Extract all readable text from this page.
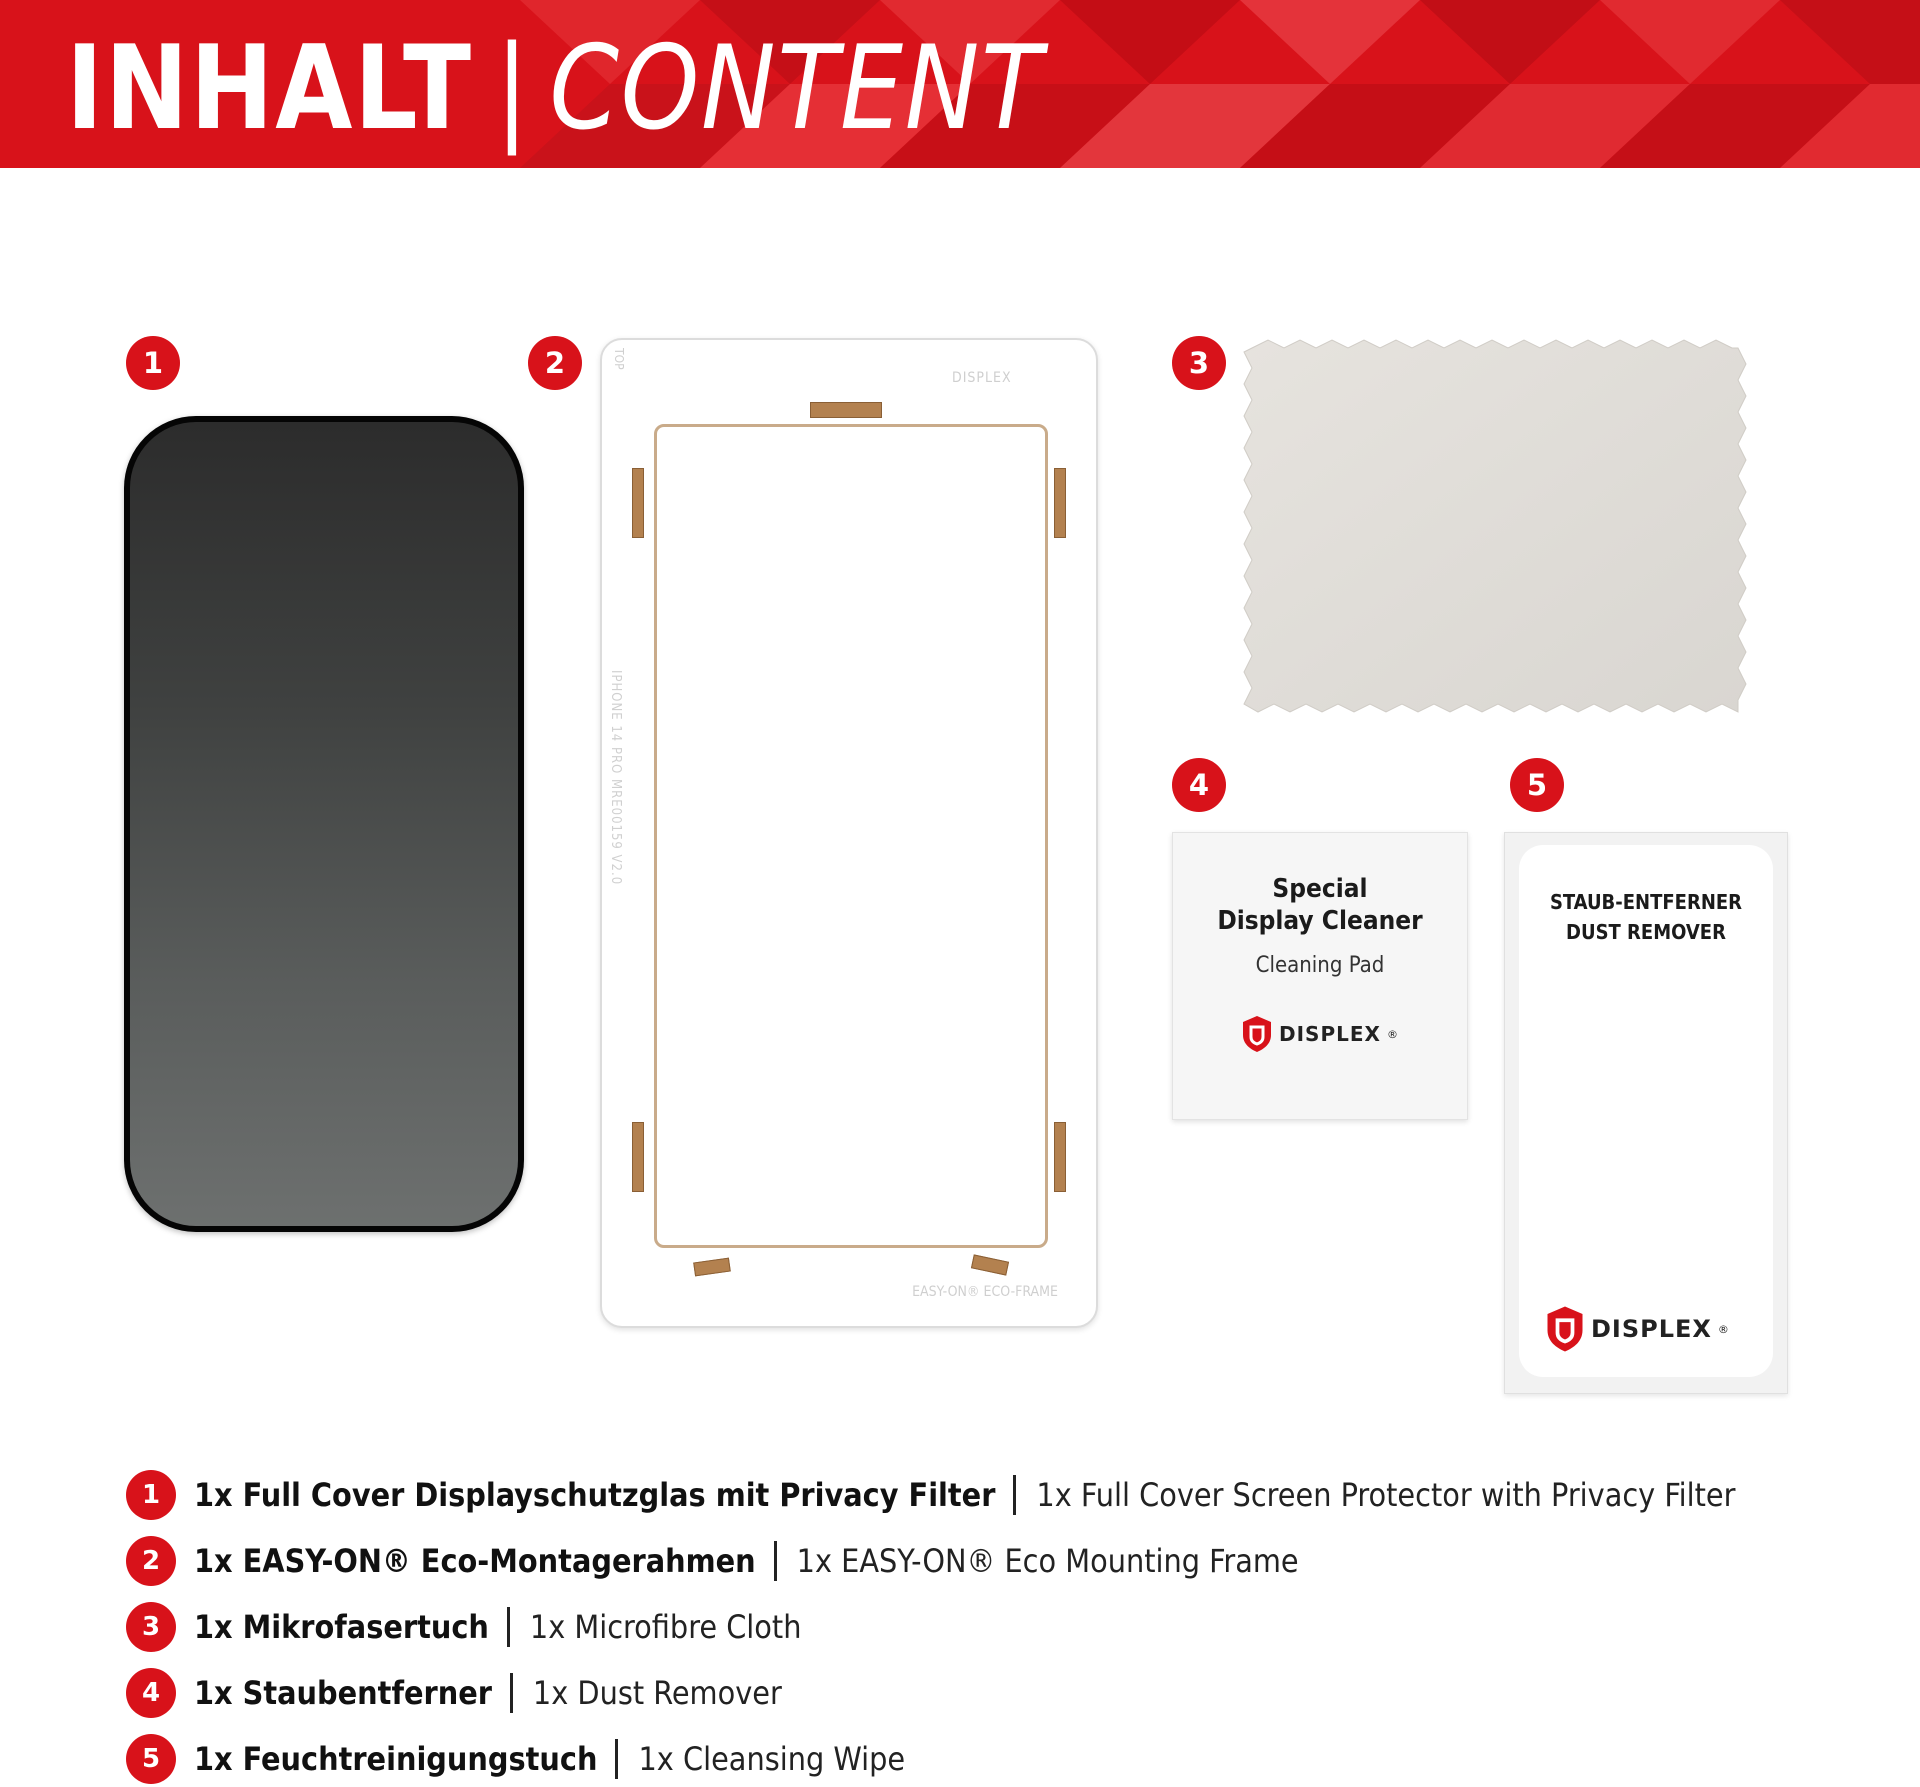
INHALT | CONTENT
1	2	3
4	5
TOP
DISPLEX
IPHONE 14 PRO MRE00159 V2.0
EASY-ON® ECO-FRAME
Special
Display Cleaner
Cleaning Pad
DISPLEX ®
STAUB-ENTFERNER
DUST REMOVER
DISPLEX ®
1	1x Full Cover Displayschutzglas mit Privacy Filter 1x Full Cover Screen Protector with Privacy Filter
2	1x EASY-ON® Eco-Montagerahmen 1x EASY-ON® Eco Mounting Frame
3	1x Mikrofasertuch 1x Microfibre Cloth
4	1x Staubentferner 1x Dust Remover
5	1x Feuchtreinigungstuch 1x Cleansing Wipe
